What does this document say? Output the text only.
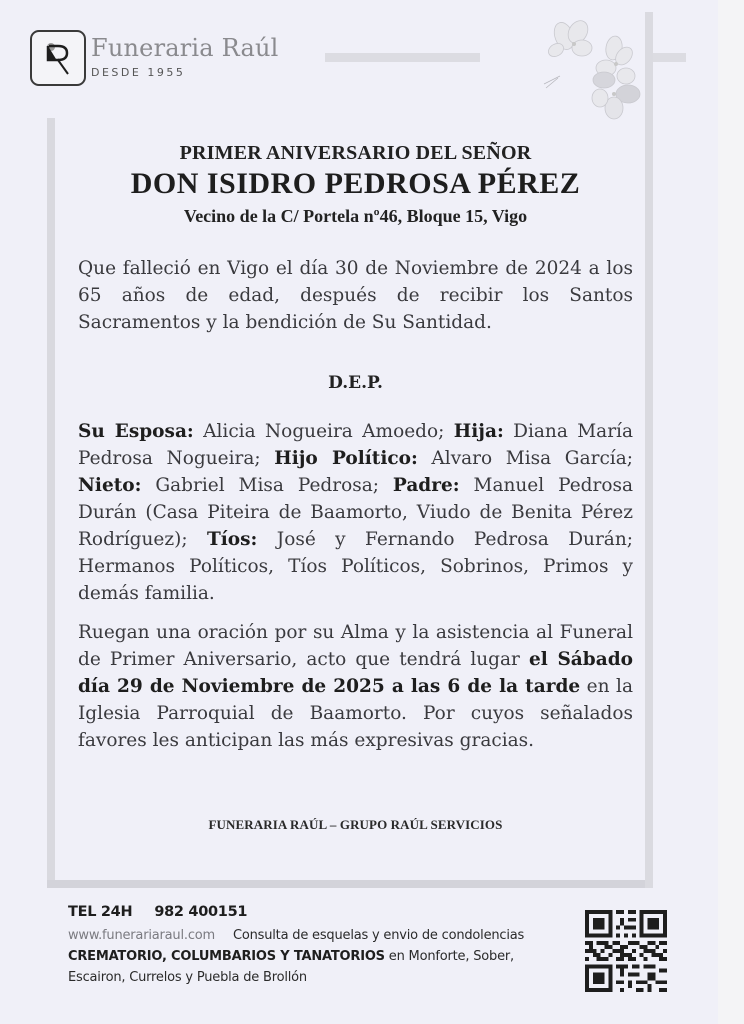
Funeraria Raúl
DESDE 1955
PRIMER ANIVERSARIO DEL SEÑOR
DON ISIDRO PEDROSA PÉREZ
Vecino de la C/ Portela nº46, Bloque 15, Vigo

Que falleció en Vigo el día 30 de Noviembre de 2024 a los 65 años de edad, después de recibir los Santos Sacramentos y la bendición de Su Santidad.

D.E.P.

Su Esposa: Alicia Nogueira Amoedo; Hija: Diana María Pedrosa Nogueira; Hijo Político: Alvaro Misa García; Nieto: Gabriel Misa Pedrosa; Padre: Manuel Pedrosa Durán (Casa Piteira de Baamorto, Viudo de Benita Pérez Rodríguez); Tíos: José y Fernando Pedrosa Durán; Hermanos Políticos, Tíos Políticos, Sobrinos, Primos y demás familia.

Ruegan una oración por su Alma y la asistencia al Funeral de Primer Aniversario, acto que tendrá lugar el Sábado día 29 de Noviembre de 2025 a las 6 de la tarde en la Iglesia Parroquial de Baamorto. Por cuyos señalados favores les anticipan las más expresivas gracias.

FUNERARIA RAÚL – GRUPO RAÚL SERVICIOS
TEL 24H 982 400151
www.funerariaraul.com Consulta de esquelas y envio de condolencias CREMATORIO, COLUMBARIOS Y TANATORIOS en Monforte, Sober, Escairon, Currelos y Puebla de Brollón
